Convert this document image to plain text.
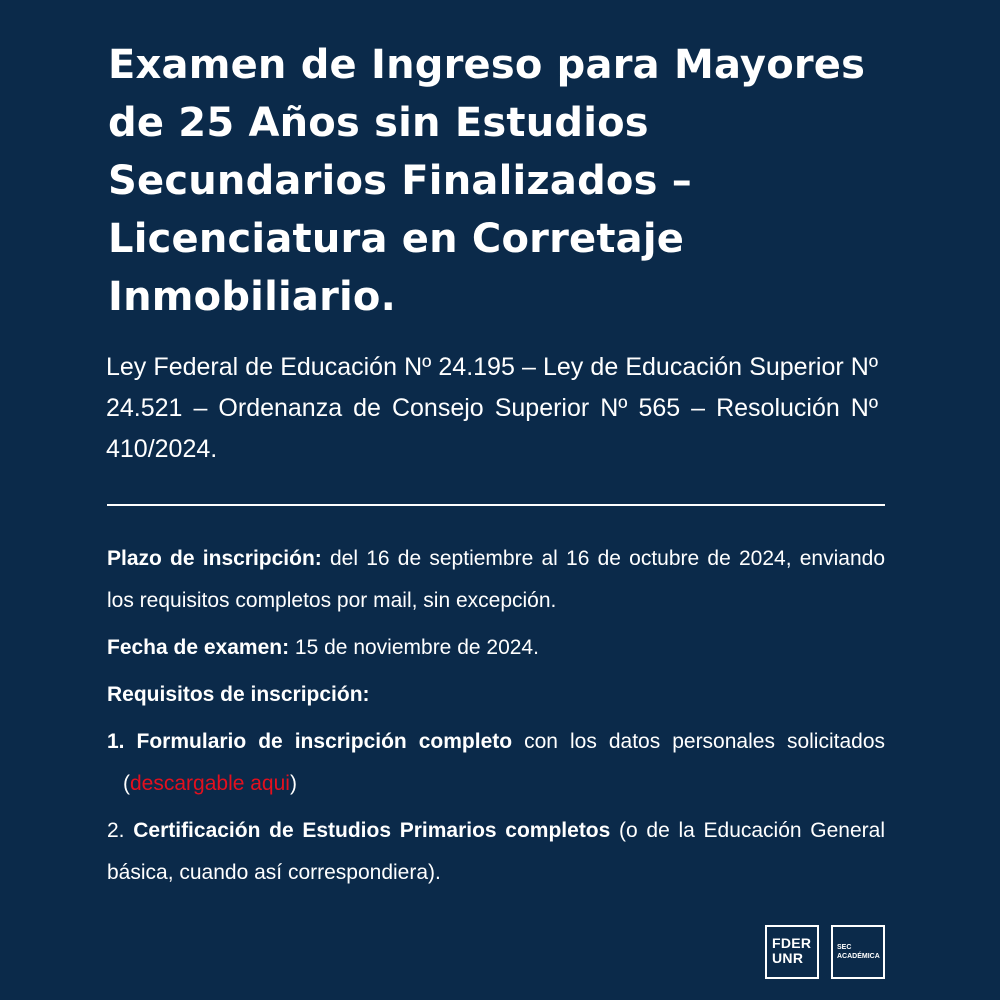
Examen de Ingreso para Mayores de 25 Años sin Estudios Secundarios Finalizados – Licenciatura en Corretaje Inmobiliario.

Ley Federal de Educación Nº 24.195 – Ley de Educación Superior Nº 24.521 – Ordenanza de Consejo Superior Nº 565 – Resolución Nº 410/2024.

Plazo de inscripción: del 16 de septiembre al 16 de octubre de 2024, enviando los requisitos completos por mail, sin excepción.

Fecha de examen: 15 de noviembre de 2024.

Requisitos de inscripción:

1. Formulario de inscripción completo con los datos personales solicitados (descargable aqui)

2. Certificación de Estudios Primarios completos (o de la Educación General básica, cuando así correspondiera).

FDER
UNR
SEC
ACADÉMICA
